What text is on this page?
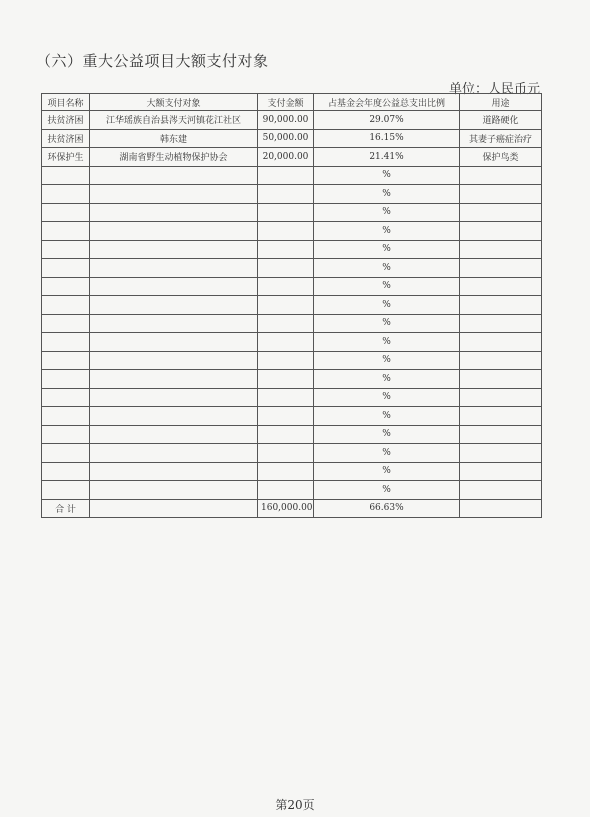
（六）重大公益项目大额支付对象
单位：人民币元
项目名称	大额支付对象	支付金额	占基金会年度公益总支出比例	用途
扶贫济困	江华瑶族自治县涔天河镇花江社区	90,000.00	29.07%	道路硬化
扶贫济困	韩东建	50,000.00	16.15%	其妻子癌症治疗
环保护生	湖南省野生动植物保护协会	20,000.00	21.41%	保护鸟类
			%	
			%	
			%	
			%	
			%	
			%	
			%	
			%	
			%	
			%	
			%	
			%	
			%	
			%	
			%	
			%	
			%	
			%	
合 计		160,000.00	66.63%	
第20页
